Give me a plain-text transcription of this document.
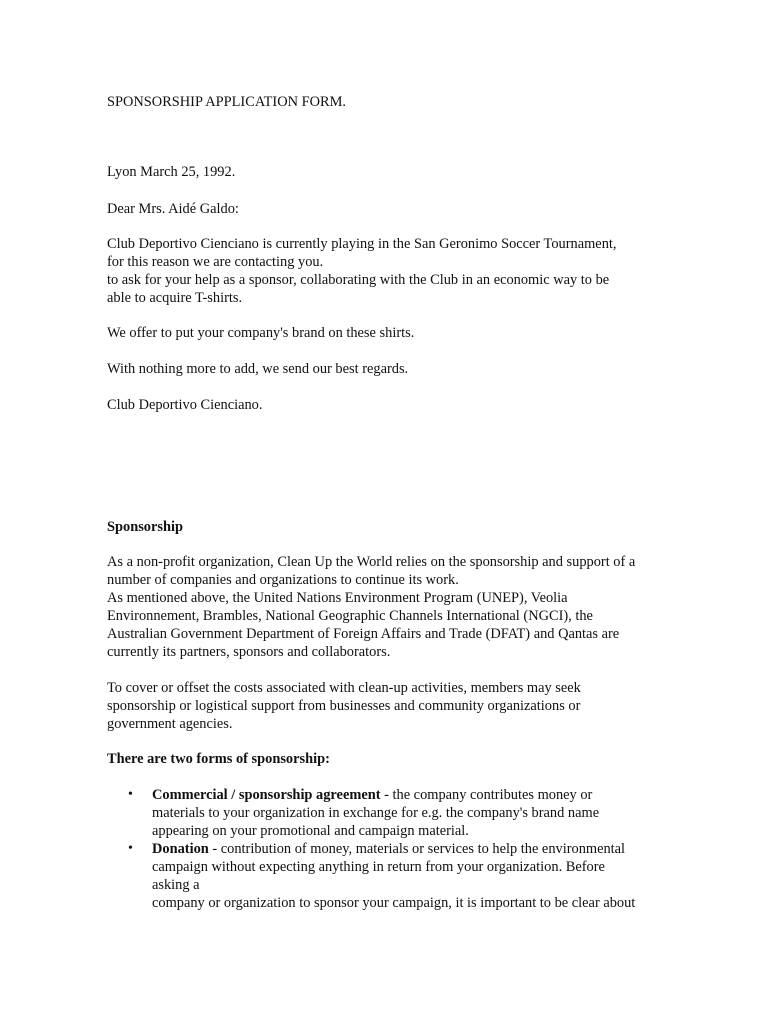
SPONSORSHIP APPLICATION FORM.
Lyon March 25, 1992.
Dear Mrs. Aidé Galdo:
Club Deportivo Cienciano is currently playing in the San Geronimo Soccer Tournament,
for this reason we are contacting you.
to ask for your help as a sponsor, collaborating with the Club in an economic way to be
able to acquire T-shirts.
We offer to put your company's brand on these shirts.
With nothing more to add, we send our best regards.
Club Deportivo Cienciano.
Sponsorship
As a non-profit organization, Clean Up the World relies on the sponsorship and support of a
number of companies and organizations to continue its work.
As mentioned above, the United Nations Environment Program (UNEP), Veolia
Environnement, Brambles, National Geographic Channels International (NGCI), the
Australian Government Department of Foreign Affairs and Trade (DFAT) and Qantas are
currently its partners, sponsors and collaborators.
To cover or offset the costs associated with clean-up activities, members may seek
sponsorship or logistical support from businesses and community organizations or
government agencies.
There are two forms of sponsorship:
• Commercial / sponsorship agreement - the company contributes money or
materials to your organization in exchange for e.g. the company's brand name
appearing on your promotional and campaign material.
• Donation - contribution of money, materials or services to help the environmental
campaign without expecting anything in return from your organization. Before
asking a
company or organization to sponsor your campaign, it is important to be clear about
